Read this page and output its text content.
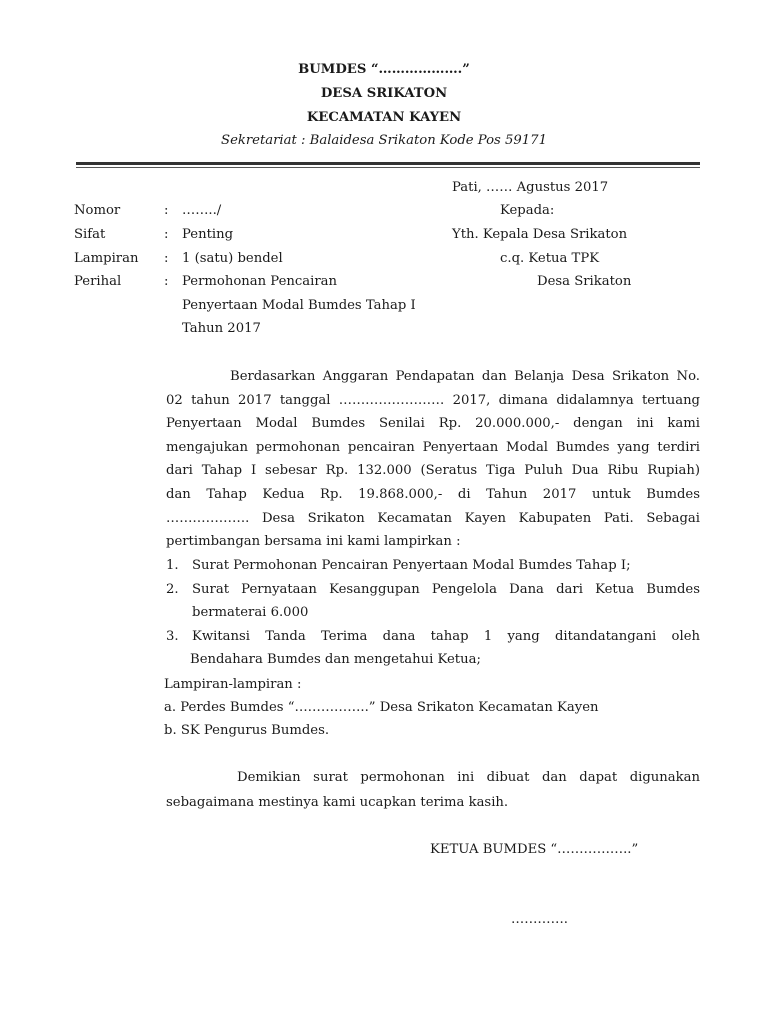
BUMDES “……………….”
DESA SRIKATON
KECAMATAN KAYEN
Sekretariat : Balaidesa Srikaton Kode Pos 59171
Pati, …… Agustus 2017
Nomor	: ……../
Sifat	: Penting
Lampiran : 1 (satu) bendel
Perihal	: Permohonan Pencairan
Penyertaan Modal Bumdes Tahap I
Tahun 2017
Kepada:
Yth. Kepala Desa Srikaton
c.q. Ketua TPK
Desa Srikaton
Berdasarkan Anggaran Pendapatan dan Belanja Desa Srikaton No.
02 tahun 2017 tanggal …………………… 2017, dimana didalamnya tertuang
Penyertaan Modal Bumdes Senilai Rp. 20.000.000,- dengan ini kami
mengajukan permohonan pencairan Penyertaan Modal Bumdes yang terdiri
dari Tahap I sebesar Rp. 132.000 (Seratus Tiga Puluh Dua Ribu Rupiah)
dan Tahap Kedua Rp. 19.868.000,- di Tahun 2017 untuk Bumdes
………………. Desa Srikaton Kecamatan Kayen Kabupaten Pati. Sebagai
pertimbangan bersama ini kami lampirkan :
1. Surat Permohonan Pencairan Penyertaan Modal Bumdes Tahap I;
2. Surat Pernyataan Kesanggupan Pengelola Dana dari Ketua Bumdes
bermaterai 6.000
3. Kwitansi Tanda Terima dana tahap 1 yang ditandatangani oleh
Bendahara Bumdes dan mengetahui Ketua;
Lampiran-lampiran :
a. Perdes Bumdes “……………..” Desa Srikaton Kecamatan Kayen
b. SK Pengurus Bumdes.
Demikian surat permohonan ini dibuat dan dapat digunakan
sebagaimana mestinya kami ucapkan terima kasih.
KETUA BUMDES “……………..”
………….
